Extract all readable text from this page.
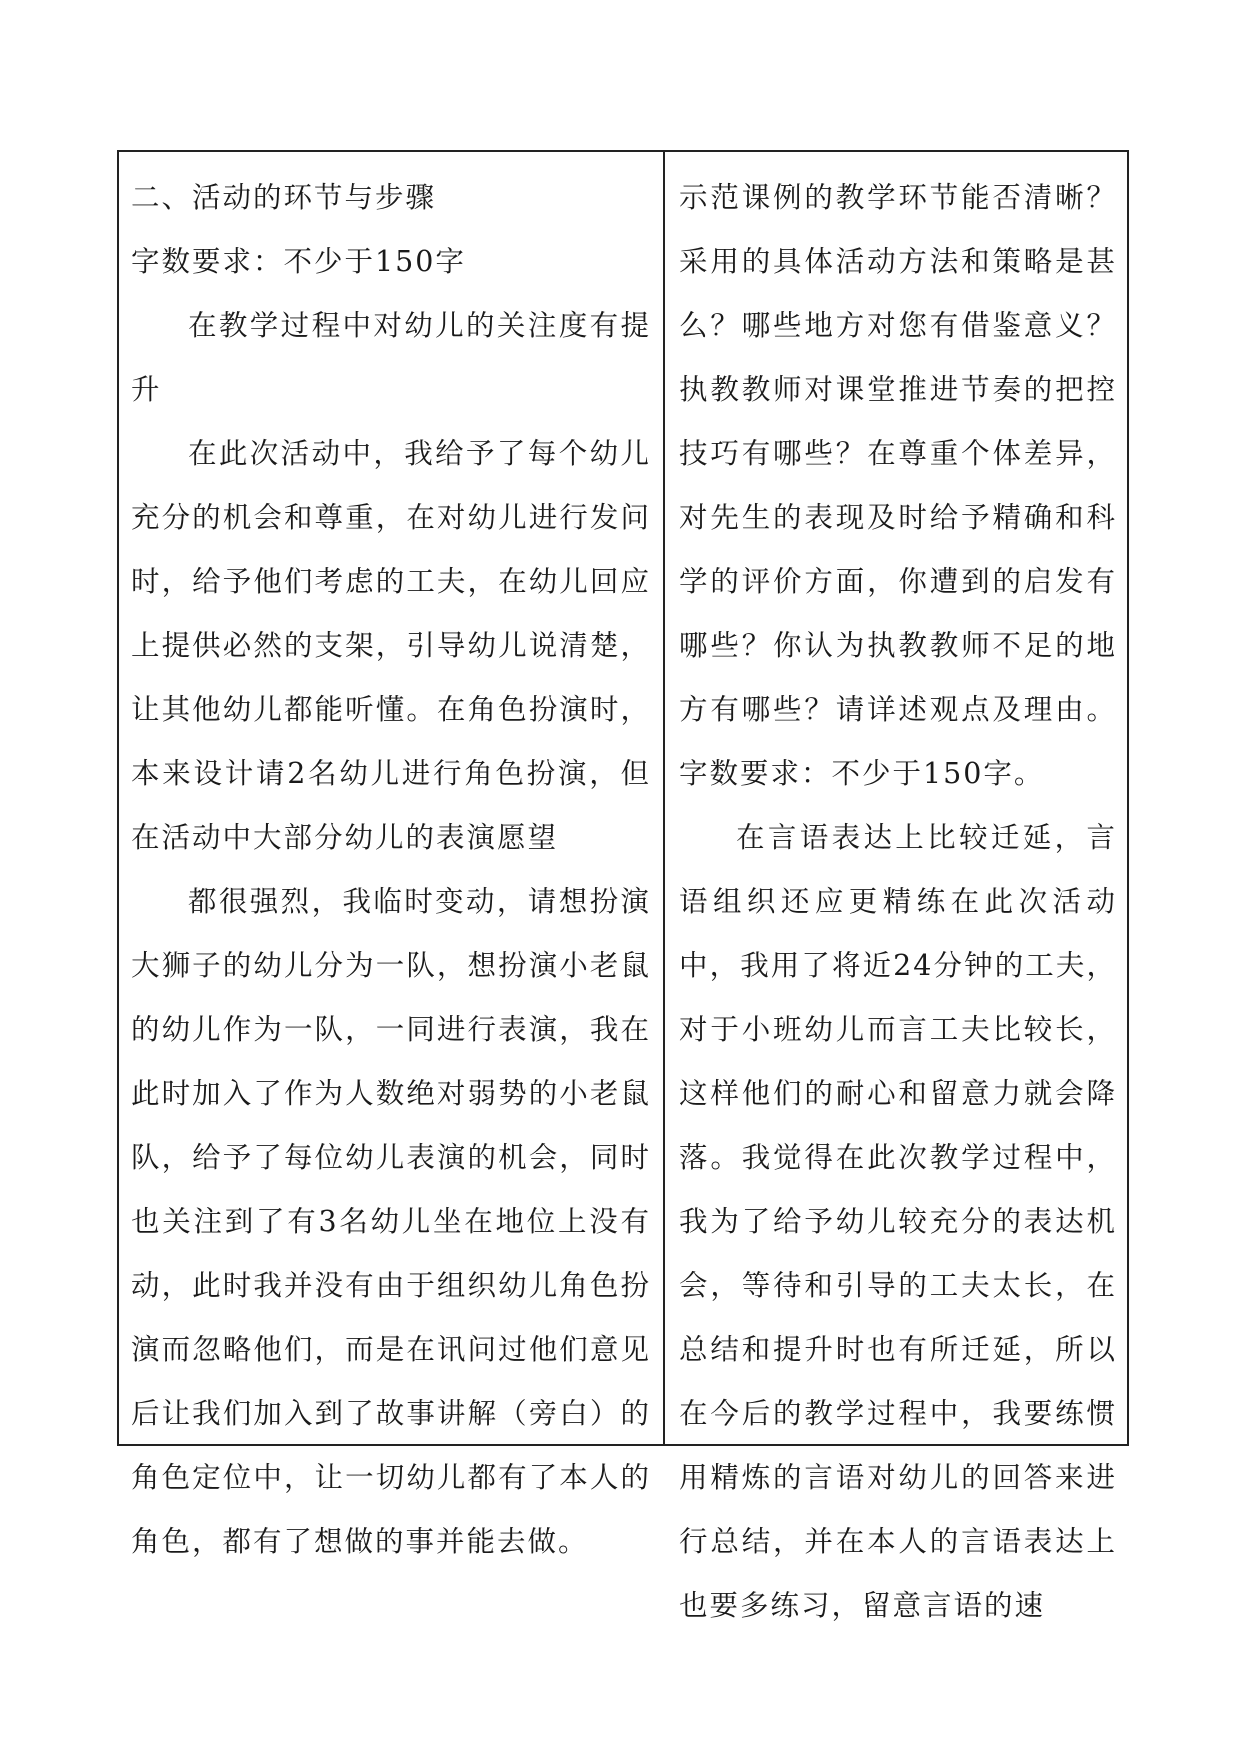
二、活动的环节与步骤

字数要求：不少于150字

在教学过程中对幼儿的关注度有提升

在此次活动中，我给予了每个幼儿充分的机会和尊重，在对幼儿进行发问时，给予他们考虑的工夫，在幼儿回应上提供必然的支架，引导幼儿说清楚，让其他幼儿都能听懂。在角色扮演时，本来设计请2名幼儿进行角色扮演，但在活动中大部分幼儿的表演愿望

都很强烈，我临时变动，请想扮演大狮子的幼儿分为一队，想扮演小老鼠的幼儿作为一队，一同进行表演，我在此时加入了作为人数绝对弱势的小老鼠队，给予了每位幼儿表演的机会，同时也关注到了有3名幼儿坐在地位上没有动，此时我并没有由于组织幼儿角色扮演而忽略他们，而是在讯问过他们意见后让我们加入到了故事讲解（旁白）的角色定位中，让一切幼儿都有了本人的角色，都有了想做的事并能去做。

示范课例的教学环节能否清晰？采用的具体活动方法和策略是甚么？哪些地方对您有借鉴意义？执教教师对课堂推进节奏的把控技巧有哪些？在尊重个体差异，对先生的表现及时给予精确和科学的评价方面，你遭到的启发有哪些？你认为执教教师不足的地方有哪些？请详述观点及理由。字数要求：不少于150字。

在言语表达上比较迁延，言语组织还应更精练在此次活动中，我用了将近24分钟的工夫，对于小班幼儿而言工夫比较长，这样他们的耐心和留意力就会降落。我觉得在此次教学过程中，我为了给予幼儿较充分的表达机会，等待和引导的工夫太长，在总结和提升时也有所迁延，所以在今后的教学过程中，我要练惯用精炼的言语对幼儿的回答来进行总结，并在本人的言语表达上也要多练习，留意言语的速
